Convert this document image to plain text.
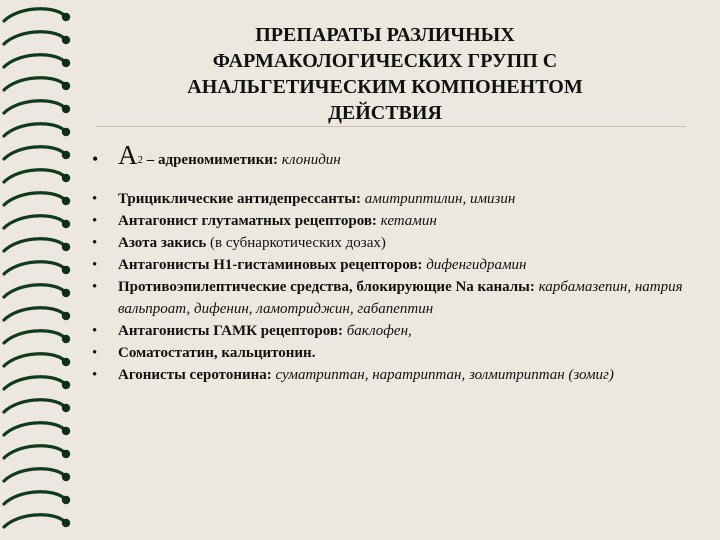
ПРЕПАРАТЫ РАЗЛИЧНЫХ
ФАРМАКОЛОГИЧЕСКИХ ГРУПП С
АНАЛЬГЕТИЧЕСКИМ КОМПОНЕНТОМ
ДЕЙСТВИЯ
• А2 – адреномиметики: клонидин
• Трициклические антидепрессанты: амитриптилин, имизин
• Антагонист глутаматных рецепторов: кетамин
• Азота закись (в субнаркотических дозах)
• Антагонисты Н1-гистаминовых рецепторов: дифенгидрамин
• Противоэпилептические средства, блокирующие Na каналы: карбамазепин, натрия вальпроат, дифенин, ламотриджин, габапептин
• Антагонисты ГАМК рецепторов: баклофен,
• Соматостатин, кальцитонин.
• Агонисты серотонина: суматриптан, наратриптан, золмитриптан (зомиг)
